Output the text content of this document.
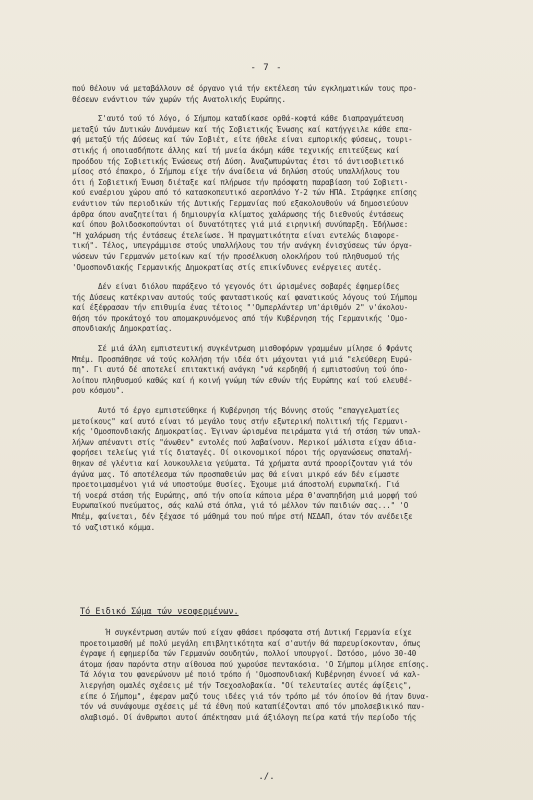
- 7 -
πού θέλουν νά μεταβάλλουν σέ όργανο γιά τήν εκτέλεση τών εγκληματικών τους προ-
θέσεων ενάντιον τών χωρών τής Ανατολικής Ευρώπης.
Σ'αυτό τού τό λόγο, ό Σήμπομ καταδίκασε ορθά-κοφτά κάθε διαπραγμάτευση
μεταξύ τών Δυτικών Δυνάμεων καί τής Σοβιετικής Ένωσης καί κατήγγειλε κάθε επα-
φή μεταξύ τής Δύσεως καί τών Σοβιέτ, είτε ήθελε είναι εμπορικής φύσεως, τουρι-
στικής ή οποιασδήποτε άλλης καί τή μνεία άκόμη κάθε τεχνικής επιτεύξεως καί
προόδου τής Σοβιετικής Ένώσεως στή Δύση. Άναζωπυρώντας έτσι τό άντισοβιετικό
μίσος στό έπακρο, ό Σήμπομ είχε τήν άναίδεια νά δηλώση στούς υπαλλήλους του
ότι ή Σοβιετική Ένωση διέταξε καί πλήρωσε τήν πρόσφατη παραβίαση τού Σοβιετι-
κού εναέριου χώρου από τό κατασκοπευτικό αεροπλάνο Υ-2 τών ΗΠΑ. Στράφηκε επίσης
ενάντιον τών περιοδικών τής Δυτικής Γερμανίας πού εξακολουθούν νά δημοσιεύουν
άρθρα όπου αναζητείται ή δημιουργία κλίματος χαλάρωσης τής διεθνούς έντάσεως
καί όπου βολιδοσκοπούνται οί δυνατότητες γιά μιά ειρηνική συνύπαρξη. Έδήλωσε:
"Η χαλάρωση τής έντάσεως έτελείωσε. Ή πραγματικότητα είναι εντελώς διαφορε-
τική". Τέλος, υπεγράμμισε στούς υπαλλήλους του τήν ανάγκη ένισχύσεως τών όργα-
νώσεων τών Γερμανών μετοίκων καί τήν προσέλκυση ολοκλήρου τού πληθυσμού τής
'Ομοσπονδιακής Γερμανικής Δημοκρατίας στίς επικίνδυνες ενέργειες αυτές.
Δέν είναι διόλου παράξενο τό γεγονός ότι ώρισμένες σοβαρές έφημερίδες
τής Δύσεως κατέκριναν αυτούς τούς φανταστικούς καί φανατικούς λόγους τού Σήμπομ
καί έξέφρασαν τήν επιθυμία ένας τέτοιος "'Ομπερλάντερ υπ'άριθμόν 2" ν'άκολου-
θήση τόν προκάτοχό του απομακρυνόμενος από τήν Κυβέρνηση τής Γερμανικής 'Ομο-
σπονδιακής Δημοκρατίας.
Σέ μιά άλλη εμπιστευτική συγκέντρωση μισθοφόρων γραμμέων μίλησε ό Φράντς
Μπέμ. Προσπάθησε νά τούς κολλήση τήν ιδέα ότι μάχονται γιά μιά "ελεύθερη Ευρώ-
πη". Γι αυτό δέ αποτελεί επιτακτική ανάγκη "νά κερδηθή ή εμπιστοσύνη τού όπο-
λοίπου πληθυσμού καθώς καί ή κοινή γνώμη τών εθνών τής Ευρώπης καί τού ελευθέ-
ρου κόσμου".
Αυτό τό έργο εμπιστεύθηκε ή Κυβέρνηση τής Βόννης στούς "επαγγελματίες
μετοίκους" καί αυτό είναι τό μεγάλο τους στήν εξωτερική πολιτική τής Γερμανι-
κής 'Ομοσπονδιακής Δημοκρατίας. Έγιναν ώρισμένα πειράματα γιά τή στάση τών υπαλ-
λήλων απέναντι στίς "άνωθεν" εντολές πού λαβαίνουν. Μερικοί μάλιστα είχαν άδια-
φορήσει τελείως γιά τίς διαταγές. Οί οικονομικοί πόροι τής οργανώσεως σπαταλή-
θηκαν σέ γλέντια καί λουκουλλεια γεύματα. Τά χρήματα αυτά προορίζονταν γιά τόν
άγώνα μας. Τό αποτέλεσμα τών προσπαθειών μας θά είναι μικρό εάν δέν είμαστε
προετοιμασμένοι γιά νά υποστούμε θυσίες. Έχουμε μιά άποστολή ευρωπαϊκή. Γιά
τή νοερά στάση τής Ευρώπης, από τήν οποία κάποια μέρα θ'αναπηδήση μιά μορφή τού
Ευρωπαϊκού πνεύματος, σάς καλώ στά όπλα, γιά τό μέλλον τών παιδιών σας..." 'Ο
Μπέμ, φαίνεται, δέν ξέχασε τό μάθημά του πού πήρε στή ΝΣΔΑΠ, όταν τόν ανέδειξε
τό ναζιστικό κόμμα.
Τό Ειδικό Σώμα τών νεοφερμένων.
Ή συγκέντρωση αυτών πού είχαν φθάσει πρόσφατα στή Δυτική Γερμανία είχε
προετοιμασθή μέ πολύ μεγάλη επιβλητικότητα καί σ'αυτήν θά παρευρίσκονταν, όπως
έγραψε ή εφημερίδα τών Γερμανών σουδητών, πολλοί υπουργοί. Ώστόσο, μόνο 30-40
άτομα ήσαν παρόντα στην αίθουσα πού χωρούσε πεντακόσια. 'Ο Σήμπομ μίλησε επίσης.
Τά λόγια του φανερώνουν μέ ποιό τρόπο ή 'Ομοσπονδιακή Κυβέρνηση έννοεί νά καλ-
λιεργήση ομαλές σχέσεις μέ τήν Τσεχοσλοβακία. "Οί τελευταίες αυτές άφίξεις",
είπε ό Σήμπομ", έφεραν μαζύ τους ιδέες γιά τόν τρόπο μέ τόν όποίον θά ήταν δυνα-
τόν νά συνάψουμε σχέσεις μέ τά έθνη πού καταπίέζονται από τόν μπολσεβικικό παν-
σλαβισμό. Οί άνθρωποι αυτοί άπέκτησαν μιά άξιόλογη πείρα κατά τήν περίοδο τής
./.
